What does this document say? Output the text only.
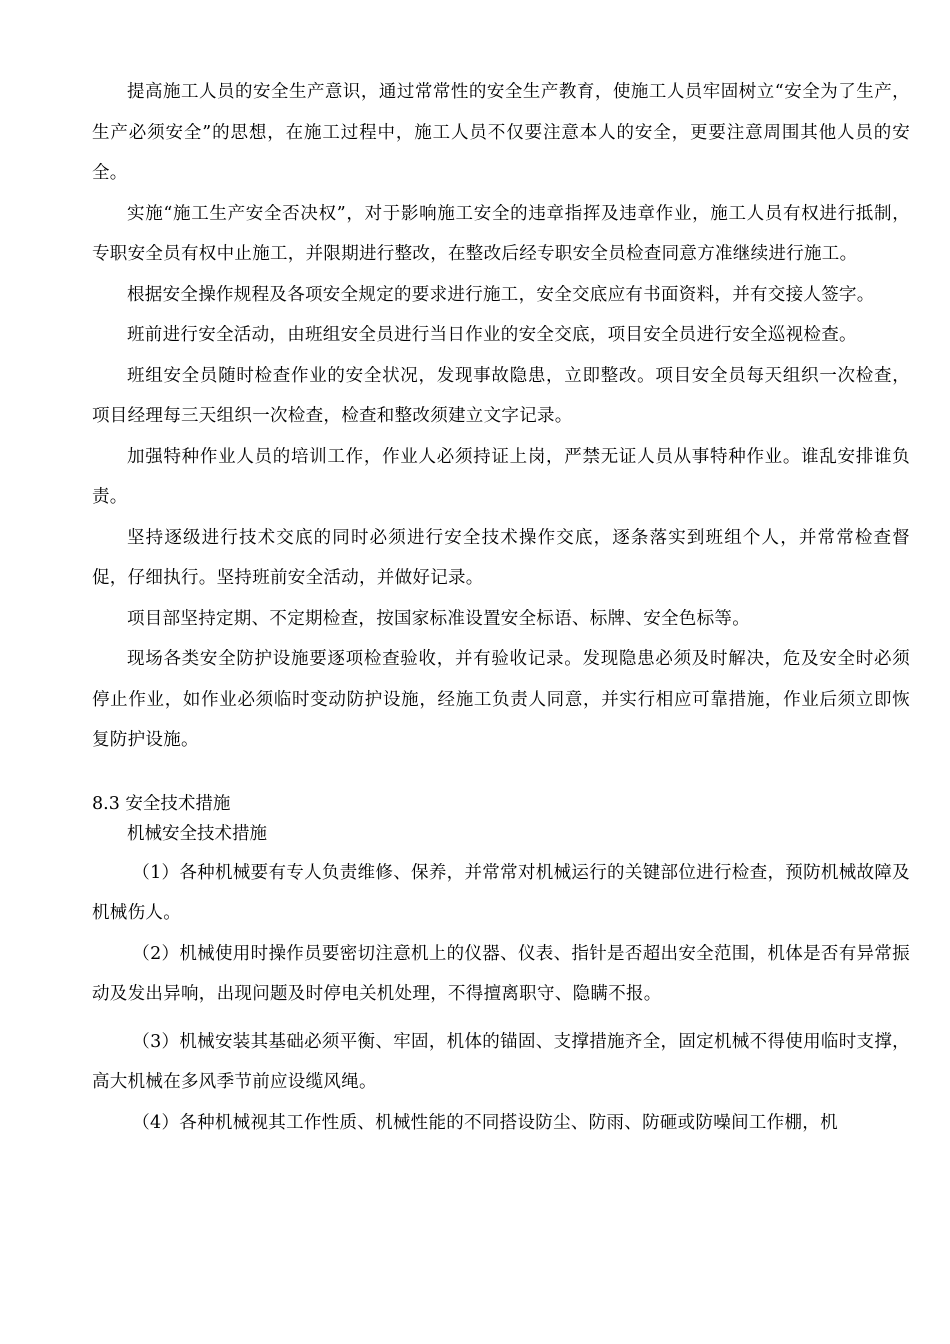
提高施工人员的安全生产意识，通过常常性的安全生产教育，使施工人员牢固树立“安全为了生产，生产必须安全”的思想，在施工过程中，施工人员不仅要注意本人的安全，更要注意周围其他人员的安全。

实施“施工生产安全否决权”，对于影响施工安全的违章指挥及违章作业，施工人员有权进行抵制，专职安全员有权中止施工，并限期进行整改，在整改后经专职安全员检查同意方准继续进行施工。

根据安全操作规程及各项安全规定的要求进行施工，安全交底应有书面资料，并有交接人签字。

班前进行安全活动，由班组安全员进行当日作业的安全交底，项目安全员进行安全巡视检查。

班组安全员随时检查作业的安全状况，发现事故隐患，立即整改。项目安全员每天组织一次检查，项目经理每三天组织一次检查，检查和整改须建立文字记录。

加强特种作业人员的培训工作，作业人必须持证上岗，严禁无证人员从事特种作业。谁乱安排谁负责。

坚持逐级进行技术交底的同时必须进行安全技术操作交底，逐条落实到班组个人，并常常检查督促，仔细执行。坚持班前安全活动，并做好记录。

项目部坚持定期、不定期检查，按国家标准设置安全标语、标牌、安全色标等。

现场各类安全防护设施要逐项检查验收，并有验收记录。发现隐患必须及时解决，危及安全时必须停止作业，如作业必须临时变动防护设施，经施工负责人同意，并实行相应可靠措施，作业后须立即恢复防护设施。

8.3 安全技术措施

机械安全技术措施

（1）各种机械要有专人负责维修、保养，并常常对机械运行的关键部位进行检查，预防机械故障及机械伤人。

（2）机械使用时操作员要密切注意机上的仪器、仪表、指针是否超出安全范围，机体是否有异常振动及发出异响，出现问题及时停电关机处理，不得擅离职守、隐瞒不报。

（3）机械安装其基础必须平衡、牢固，机体的锚固、支撑措施齐全，固定机械不得使用临时支撑，高大机械在多风季节前应设缆风绳。

（4）各种机械视其工作性质、机械性能的不同搭设防尘、防雨、防砸或防噪间工作棚，机
